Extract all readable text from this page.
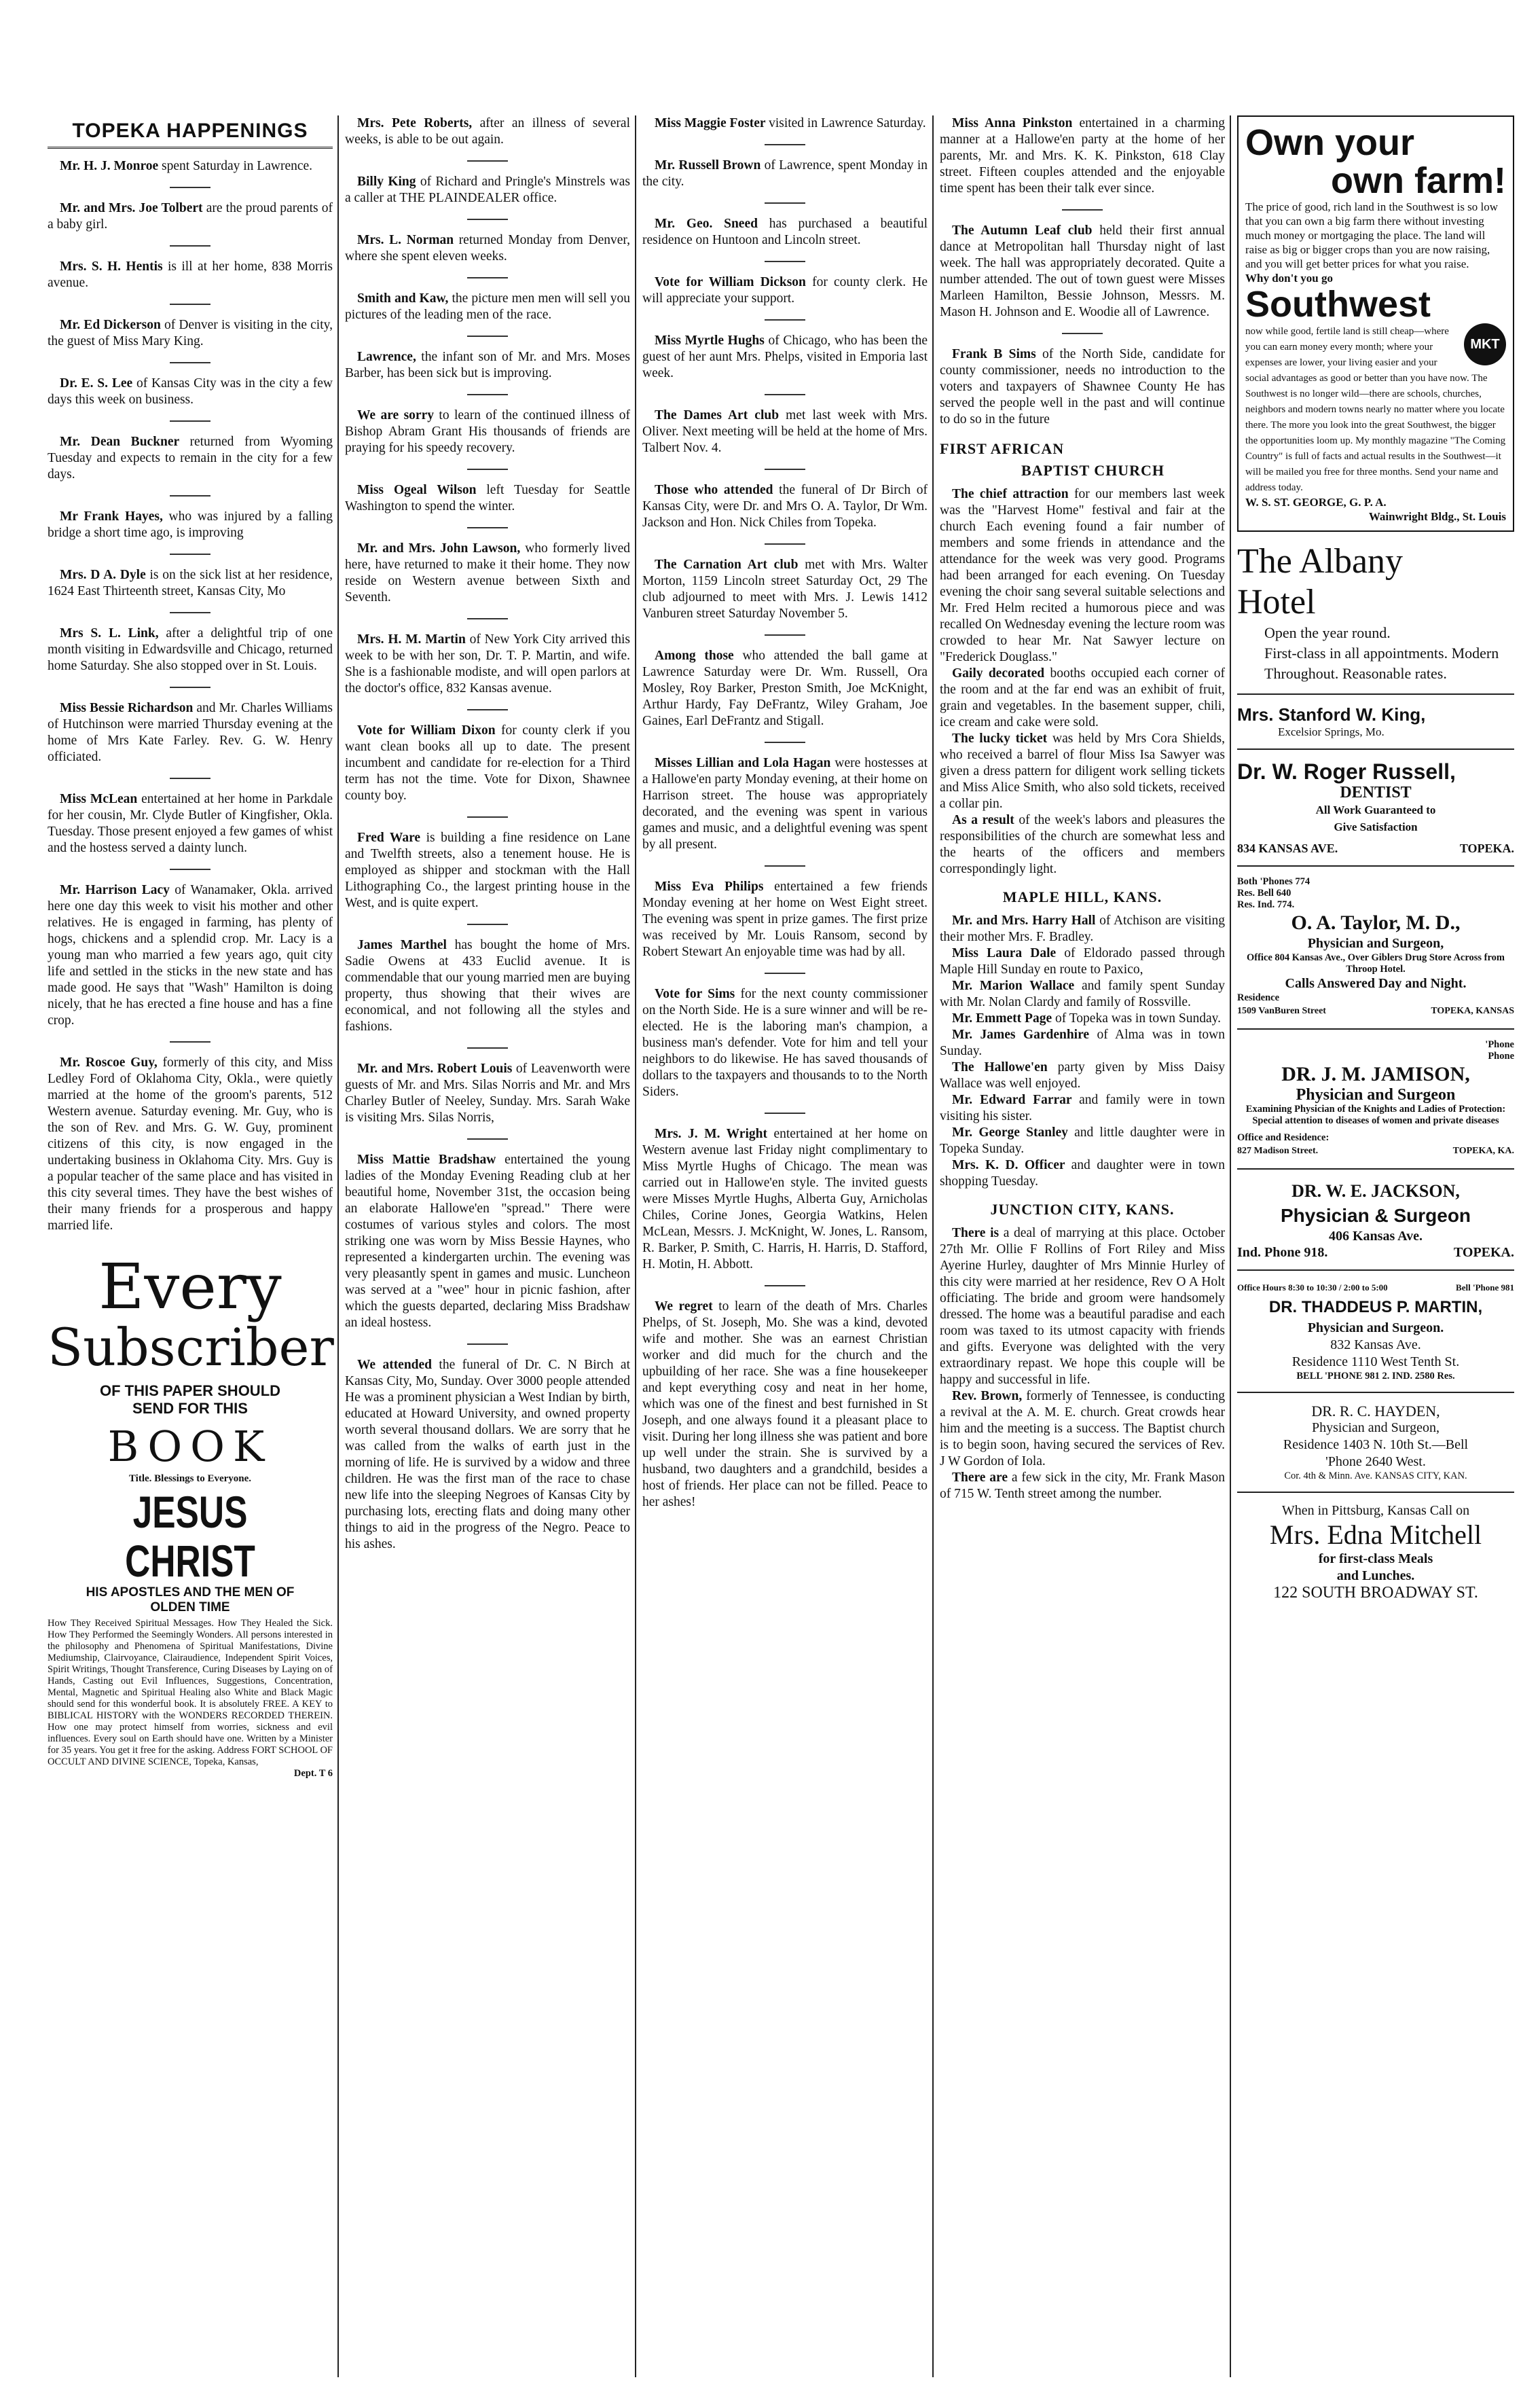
TOPEKA HAPPENINGS

Mr. H. J. Monroe spent Saturday in Lawrence.

Mr. and Mrs. Joe Tolbert are the proud parents of a baby girl.

Mrs. S. H. Hentis is ill at her home, 838 Morris avenue.

Mr. Ed Dickerson of Denver is visiting in the city, the guest of Miss Mary King.

Dr. E. S. Lee of Kansas City was in the city a few days this week on business.

Mr. Dean Buckner returned from Wyoming Tuesday and expects to remain in the city for a few days.

Mr Frank Hayes, who was injured by a falling bridge a short time ago, is improving

Mrs. D A. Dyle is on the sick list at her residence, 1624 East Thirteenth street, Kansas City, Mo

Mrs S. L. Link, after a delightful trip of one month visiting in Edwardsville and Chicago, returned home Saturday. She also stopped over in St. Louis.

Miss Bessie Richardson and Mr. Charles Williams of Hutchinson were married Thursday evening at the home of Mrs Kate Farley. Rev. G. W. Henry officiated.

Miss McLean entertained at her home in Parkdale for her cousin, Mr. Clyde Butler of Kingfisher, Okla. Tuesday. Those present enjoyed a few games of whist and the hostess served a dainty lunch.

Mr. Harrison Lacy of Wanamaker, Okla. arrived here one day this week to visit his mother and other relatives. He is engaged in farming, has plenty of hogs, chickens and a splendid crop. Mr. Lacy is a young man who married a few years ago, quit city life and settled in the sticks in the new state and has made good. He says that "Wash" Hamilton is doing nicely, that he has erected a fine house and has a fine crop.

Mr. Roscoe Guy, formerly of this city, and Miss Ledley Ford of Oklahoma City, Okla., were quietly married at the home of the groom's parents, 512 Western avenue. Saturday evening. Mr. Guy, who is the son of Rev. and Mrs. G. W. Guy, prominent citizens of this city, is now engaged in the undertaking business in Oklahoma City. Mrs. Guy is a popular teacher of the same place and has visited in this city several times. They have the best wishes of their many friends for a prosperous and happy married life.

Every
Subscriber
OF THIS PAPER SHOULD
SEND FOR THIS
BOOK
Title. Blessings to Everyone.
JESUS CHRIST
HIS APOSTLES AND THE MEN OF
OLDEN TIME
How They Received Spiritual Messages. How They Healed the Sick. How They Performed the Seemingly Wonders. All persons interested in the philosophy and Phenomena of Spiritual Manifestations, Divine Mediumship, Clairvoyance, Clairaudience, Independent Spirit Voices, Spirit Writings, Thought Transference, Curing Diseases by Laying on of Hands, Casting out Evil Influences, Suggestions, Concentration, Mental, Magnetic and Spiritual Healing also White and Black Magic should send for this wonderful book. It is absolutely FREE. A KEY to BIBLICAL HISTORY with the WONDERS RECORDED THEREIN. How one may protect himself from worries, sickness and evil influences. Every soul on Earth should have one. Written by a Minister for 35 years. You get it free for the asking. Address FORT SCHOOL OF OCCULT AND DIVINE SCIENCE, Topeka, Kansas,
Dept. T 6

Mrs. Pete Roberts, after an illness of several weeks, is able to be out again.

Billy King of Richard and Pringle's Minstrels was a caller at THE PLAINDEALER office.

Mrs. L. Norman returned Monday from Denver, where she spent eleven weeks.

Smith and Kaw, the picture men men will sell you pictures of the leading men of the race.

Lawrence, the infant son of Mr. and Mrs. Moses Barber, has been sick but is improving.

We are sorry to learn of the continued illness of Bishop Abram Grant His thousands of friends are praying for his speedy recovery.

Miss Ogeal Wilson left Tuesday for Seattle Washington to spend the winter.

Mr. and Mrs. John Lawson, who formerly lived here, have returned to make it their home. They now reside on Western avenue between Sixth and Seventh.

Mrs. H. M. Martin of New York City arrived this week to be with her son, Dr. T. P. Martin, and wife. She is a fashionable modiste, and will open parlors at the doctor's office, 832 Kansas avenue.

Vote for William Dixon for county clerk if you want clean books all up to date. The present incumbent and candidate for re-election for a Third term has not the time. Vote for Dixon, Shawnee county boy.

Fred Ware is building a fine residence on Lane and Twelfth streets, also a tenement house. He is employed as shipper and stockman with the Hall Lithographing Co., the largest printing house in the West, and is quite expert.

James Marthel has bought the home of Mrs. Sadie Owens at 433 Euclid avenue. It is commendable that our young married men are buying property, thus showing that their wives are economical, and not following all the styles and fashions.

Mr. and Mrs. Robert Louis of Leavenworth were guests of Mr. and Mrs. Silas Norris and Mr. and Mrs Charley Butler of Neeley, Sunday. Mrs. Sarah Wake is visiting Mrs. Silas Norris,

Miss Mattie Bradshaw entertained the young ladies of the Monday Evening Reading club at her beautiful home, November 31st, the occasion being an elaborate Hallowe'en "spread." There were costumes of various styles and colors. The most striking one was worn by Miss Bessie Haynes, who represented a kindergarten urchin. The evening was very pleasantly spent in games and music. Luncheon was served at a "wee" hour in picnic fashion, after which the guests departed, declaring Miss Bradshaw an ideal hostess.

We attended the funeral of Dr. C. N Birch at Kansas City, Mo, Sunday. Over 3000 people attended He was a prominent physician a West Indian by birth, educated at Howard University, and owned property worth several thousand dollars. We are sorry that he was called from the walks of earth just in the morning of life. He is survived by a widow and three children. He was the first man of the race to chase new life into the sleeping Negroes of Kansas City by purchasing lots, erecting flats and doing many other things to aid in the progress of the Negro. Peace to his ashes.

Miss Maggie Foster visited in Lawrence Saturday.

Mr. Russell Brown of Lawrence, spent Monday in the city.

Mr. Geo. Sneed has purchased a beautiful residence on Huntoon and Lincoln street.

Vote for William Dickson for county clerk. He will appreciate your support.

Miss Myrtle Hughs of Chicago, who has been the guest of her aunt Mrs. Phelps, visited in Emporia last week.

The Dames Art club met last week with Mrs. Oliver. Next meeting will be held at the home of Mrs. Talbert Nov. 4.

Those who attended the funeral of Dr Birch of Kansas City, were Dr. and Mrs O. A. Taylor, Dr Wm. Jackson and Hon. Nick Chiles from Topeka.

The Carnation Art club met with Mrs. Walter Morton, 1159 Lincoln street Saturday Oct, 29 The club adjourned to meet with Mrs. J. Lewis 1412 Vanburen street Saturday November 5.

Among those who attended the ball game at Lawrence Saturday were Dr. Wm. Russell, Ora Mosley, Roy Barker, Preston Smith, Joe McKnight, Arthur Hardy, Fay DeFrantz, Wiley Graham, Joe Gaines, Earl DeFrantz and Stigall.

Misses Lillian and Lola Hagan were hostesses at a Hallowe'en party Monday evening, at their home on Harrison street. The house was appropriately decorated, and the evening was spent in various games and music, and a delightful evening was spent by all present.

Miss Eva Philips entertained a few friends Monday evening at her home on West Eight street. The evening was spent in prize games. The first prize was received by Mr. Louis Ransom, second by Robert Stewart An enjoyable time was had by all.

Vote for Sims for the next county commissioner on the North Side. He is a sure winner and will be re-elected. He is the laboring man's champion, a business man's defender. Vote for him and tell your neighbors to do likewise. He has saved thousands of dollars to the taxpayers and thousands to to the North Siders.

Mrs. J. M. Wright entertained at her home on Western avenue last Friday night complimentary to Miss Myrtle Hughs of Chicago. The mean was carried out in Hallowe'en style. The invited guests were Misses Myrtle Hughs, Alberta Guy, Arnicholas Chiles, Corine Jones, Georgia Watkins, Helen McLean, Messrs. J. McKnight, W. Jones, L. Ransom, R. Barker, P. Smith, C. Harris, H. Harris, D. Stafford, H. Motin, H. Abbott.

We regret to learn of the death of Mrs. Charles Phelps, of St. Joseph, Mo. She was a kind, devoted wife and mother. She was an earnest Christian worker and did much for the church and the upbuilding of her race. She was a fine housekeeper and kept everything cosy and neat in her home, which was one of the finest and best furnished in St Joseph, and one always found it a pleasant place to visit. During her long illness she was patient and bore up well under the strain. She is survived by a husband, two daughters and a grandchild, besides a host of friends. Her place can not be filled. Peace to her ashes!

Miss Anna Pinkston entertained in a charming manner at a Hallowe'en party at the home of her parents, Mr. and Mrs. K. K. Pinkston, 618 Clay street. Fifteen couples attended and the enjoyable time spent has been their talk ever since.

The Autumn Leaf club held their first annual dance at Metropolitan hall Thursday night of last week. The hall was appropriately decorated. Quite a number attended. The out of town guest were Misses Marleen Hamilton, Bessie Johnson, Messrs. M. Mason H. Johnson and E. Woodie all of Lawrence.

Frank B Sims of the North Side, candidate for county commissioner, needs no introduction to the voters and taxpayers of Shawnee County He has served the people well in the past and will continue to do so in the future

FIRST AFRICAN
BAPTIST CHURCH

The chief attraction for our members last week was the "Harvest Home" festival and fair at the church Each evening found a fair number of members and some friends in attendance and the attendance for the week was very good. Programs had been arranged for each evening. On Tuesday evening the choir sang several suitable selections and Mr. Fred Helm recited a humorous piece and was recalled On Wednesday evening the lecture room was crowded to hear Mr. Nat Sawyer lecture on "Frederick Douglass."

Gaily decorated booths occupied each corner of the room and at the far end was an exhibit of fruit, grain and vegetables. In the basement supper, chili, ice cream and cake were sold.

The lucky ticket was held by Mrs Cora Shields, who received a barrel of flour Miss Isa Sawyer was given a dress pattern for diligent work selling tickets and Miss Alice Smith, who also sold tickets, received a collar pin.

As a result of the week's labors and pleasures the responsibilities of the church are somewhat less and the hearts of the officers and members correspondingly light.

MAPLE HILL, KANS.

Mr. and Mrs. Harry Hall of Atchison are visiting their mother Mrs. F. Bradley.

Miss Laura Dale of Eldorado passed through Maple Hill Sunday en route to Paxico,

Mr. Marion Wallace and family spent Sunday with Mr. Nolan Clardy and family of Rossville.

Mr. Emmett Page of Topeka was in town Sunday.

Mr. James Gardenhire of Alma was in town Sunday.

The Hallowe'en party given by Miss Daisy Wallace was well enjoyed.

Mr. Edward Farrar and family were in town visiting his sister.

Mr. George Stanley and little daughter were in Topeka Sunday.

Mrs. K. D. Officer and daughter were in town shopping Tuesday.

JUNCTION CITY, KANS.

There is a deal of marrying at this place. October 27th Mr. Ollie F Rollins of Fort Riley and Miss Ayerine Hurley, daughter of Mrs Minnie Hurley of this city were married at her residence, Rev O A Holt officiating. The bride and groom were handsomely dressed. The home was a beautiful paradise and each room was taxed to its utmost capacity with friends and gifts. Everyone was delighted with the very extraordinary repast. We hope this couple will be happy and successful in life.

Rev. Brown, formerly of Tennessee, is conducting a revival at the A. M. E. church. Great crowds hear him and the meeting is a success. The Baptist church is to begin soon, having secured the services of Rev. J W Gordon of Iola.

There are a few sick in the city, Mr. Frank Mason of 715 W. Tenth street among the number.

Own your
own farm!
The price of good, rich land in the Southwest is so low that you can own a big farm there without investing much money or mortgaging the place. The land will raise as big or bigger crops than you are now raising, and you will get better prices for what you raise.
Why don't you go
Southwest
MKT
now while good, fertile land is still cheap—where you can earn money every month; where your expenses are lower, your living easier and your social advantages as good or better than you have now. The Southwest is no longer wild—there are schools, churches, neighbors and modern towns nearly no matter where you locate there. The more you look into the great Southwest, the bigger the opportunities loom up. My monthly magazine "The Coming Country" is full of facts and actual results in the Southwest—it will be mailed you free for three months. Send your name and address today.
W. S. ST. GEORGE, G. P. A.
Wainwright Bldg., St. Louis
The Albany
Hotel
Open the year round.
First-class in all appointments. Modern
Throughout. Reasonable rates.
Mrs. Stanford W. King,
Excelsior Springs, Mo.
Dr. W. Roger Russell,
DENTIST
All Work Guaranteed to
Give Satisfaction
834 KANSAS AVE.	TOPEKA.
Both 'Phones 774
Res. Bell 640
Res. Ind. 774.
O. A. Taylor, M. D.,
Physician and Surgeon,
Office 804 Kansas Ave., Over Giblers Drug Store Across from Throop Hotel.
Calls Answered Day and Night.
Residence
1509 VanBuren Street	TOPEKA, KANSAS
'Phone
Phone
DR. J. M. JAMISON,
Physician and Surgeon
Examining Physician of the Knights and Ladies of Protection:
Special attention to diseases of women and private diseases
Office and Residence:
827 Madison Street.	TOPEKA, KA.
DR. W. E. JACKSON,
Physician & Surgeon
406 Kansas Ave.
Ind. Phone 918.	TOPEKA.
Office Hours 8:30 to 10:30 / 2:00 to 5:00	Bell 'Phone 981
DR. THADDEUS P. MARTIN,
Physician and Surgeon.
832 Kansas Ave.
Residence 1110 West Tenth St.
BELL 'PHONE 981 2. IND. 2580 Res.
DR. R. C. HAYDEN,
Physician and Surgeon,
Residence 1403 N. 10th St.—Bell
'Phone 2640 West.
Cor. 4th & Minn. Ave. KANSAS CITY, KAN.
When in Pittsburg, Kansas Call on
Mrs. Edna Mitchell
for first-class Meals
and Lunches.
122 SOUTH BROADWAY ST.
